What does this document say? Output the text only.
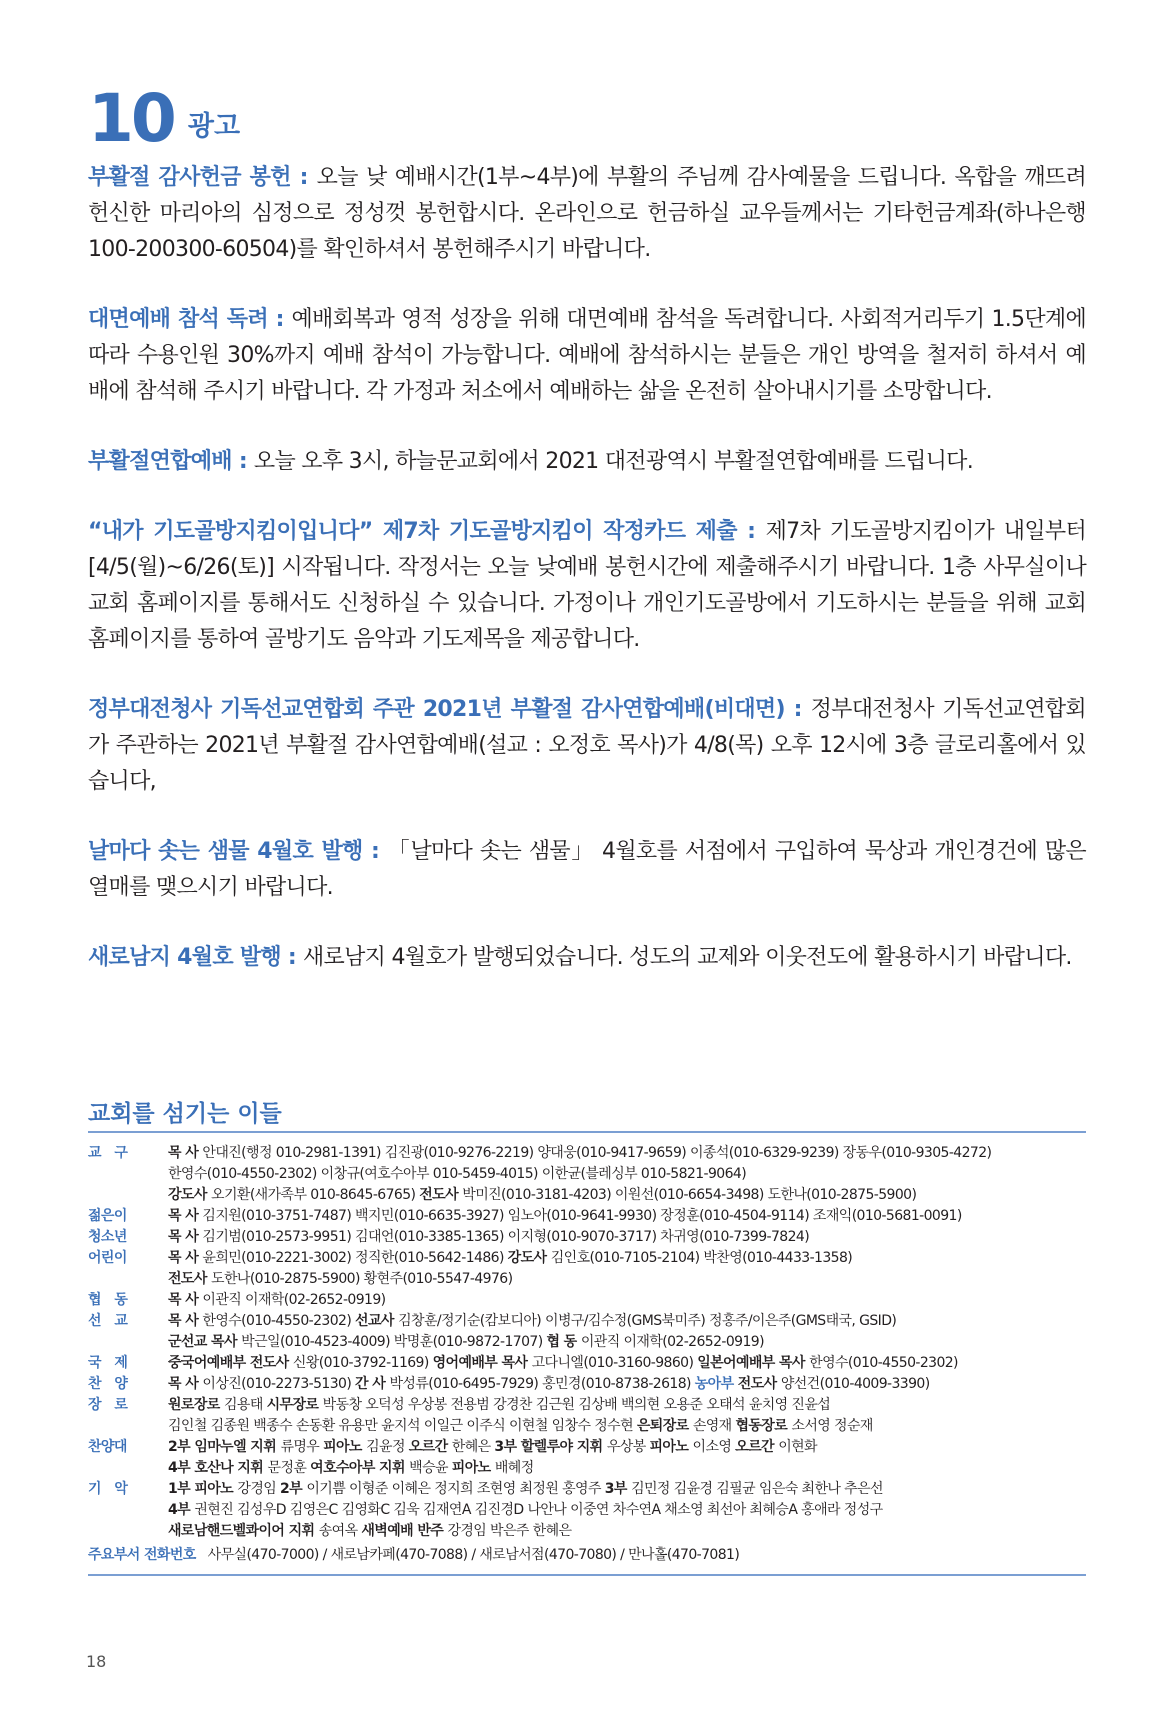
10 광고

부활절 감사헌금 봉헌 : 오늘 낮 예배시간(1부~4부)에 부활의 주님께 감사예물을 드립니다. 옥합을 깨뜨려 헌신한 마리아의 심정으로 정성껏 봉헌합시다. 온라인으로 헌금하실 교우들께서는 기타헌금계좌(하나은행 100-200300-60504)를 확인하셔서 봉헌해주시기 바랍니다.

대면예배 참석 독려 : 예배회복과 영적 성장을 위해 대면예배 참석을 독려합니다. 사회적거리두기 1.5단계에 따라 수용인원 30%까지 예배 참석이 가능합니다. 예배에 참석하시는 분들은 개인 방역을 철저히 하셔서 예배에 참석해 주시기 바랍니다. 각 가정과 처소에서 예배하는 삶을 온전히 살아내시기를 소망합니다.

부활절연합예배 : 오늘 오후 3시, 하늘문교회에서 2021 대전광역시 부활절연합예배를 드립니다.

“내가 기도골방지킴이입니다” 제7차 기도골방지킴이 작정카드 제출 : 제7차 기도골방지킴이가 내일부터[4/5(월)~6/26(토)] 시작됩니다. 작정서는 오늘 낮예배 봉헌시간에 제출해주시기 바랍니다. 1층 사무실이나 교회 홈페이지를 통해서도 신청하실 수 있습니다. 가정이나 개인기도골방에서 기도하시는 분들을 위해 교회홈페이지를 통하여 골방기도 음악과 기도제목을 제공합니다.

정부대전청사 기독선교연합회 주관 2021년 부활절 감사연합예배(비대면) : 정부대전청사 기독선교연합회가 주관하는 2021년 부활절 감사연합예배(설교 : 오정호 목사)가 4/8(목) 오후 12시에 3층 글로리홀에서 있습니다,

날마다 솟는 샘물 4월호 발행 : 「날마다 솟는 샘물」 4월호를 서점에서 구입하여 묵상과 개인경건에 많은 열매를 맺으시기 바랍니다.

새로남지 4월호 발행 : 새로남지 4월호가 발행되었습니다. 성도의 교제와 이웃전도에 활용하시기 바랍니다.

교회를 섬기는 이들
교　구	목 사 안대진(행정 010-2981-1391) 김진광(010-9276-2219) 양대웅(010-9417-9659) 이종석(010-6329-9239) 장동우(010-9305-4272)
한영수(010-4550-2302) 이창규(여호수아부 010-5459-4015) 이한균(블레싱부 010-5821-9064)
강도사 오기환(새가족부 010-8645-6765) 전도사 박미진(010-3181-4203) 이원선(010-6654-3498) 도한나(010-2875-5900)
젊은이	목 사 김지원(010-3751-7487) 백지민(010-6635-3927) 임노아(010-9641-9930) 장정훈(010-4504-9114) 조재익(010-5681-0091)
청소년	목 사 김기범(010-2573-9951) 김대언(010-3385-1365) 이지형(010-9070-3717) 차귀영(010-7399-7824)
어린이	목 사 윤희민(010-2221-3002) 정직한(010-5642-1486) 강도사 김인호(010-7105-2104) 박찬영(010-4433-1358)
전도사 도한나(010-2875-5900) 황현주(010-5547-4976)
협　동	목 사 이관직 이재학(02-2652-0919)
선　교	목 사 한영수(010-4550-2302) 선교사 김창훈/정기순(캄보디아) 이병구/김수정(GMS북미주) 정홍주/이은주(GMS태국, GSID)
군선교 목사 박근일(010-4523-4009) 박명훈(010-9872-1707) 협 동 이관직 이재학(02-2652-0919)
국　제	중국어예배부 전도사 신왕(010-3792-1169) 영어예배부 목사 고다니엘(010-3160-9860) 일본어예배부 목사 한영수(010-4550-2302)
찬　양	목 사 이상진(010-2273-5130) 간 사 박성류(010-6495-7929) 홍민경(010-8738-2618) 농아부 전도사 양선건(010-4009-3390)
장　로	원로장로 김용태 시무장로 박동창 오덕성 우상봉 전용범 강경찬 김근원 김상배 백의현 오용준 오태석 윤치영 진윤섭
김인철 김종원 백종수 손동환 유용만 윤지석 이일근 이주식 이현철 임창수 정수현 은퇴장로 손영재 협동장로 소서영 정순재
찬양대	2부 임마누엘 지휘 류명우 피아노 김윤정 오르간 한혜은 3부 할렐루야 지휘 우상봉 피아노 이소영 오르간 이현화
4부 호산나 지휘 문정훈 여호수아부 지휘 백승윤 피아노 배혜정
기　악	1부 피아노 강경임 2부 이기쁨 이형준 이혜은 정지희 조현영 최정원 홍영주 3부 김민정 김윤경 김필균 임은숙 최한나 추은선
4부 권현진 김성우D 김영은C 김영화C 김욱 김재연A 김진경D 나안나 이중연 차수연A 채소영 최선아 최혜승A 홍애라 정성구
새로남핸드벨콰이어 지휘 송여옥 새벽예배 반주 강경임 박은주 한혜은
주요부서 전화번호 사무실(470-7000) / 새로남카페(470-7088) / 새로남서점(470-7080) / 만나홀(470-7081)
18
